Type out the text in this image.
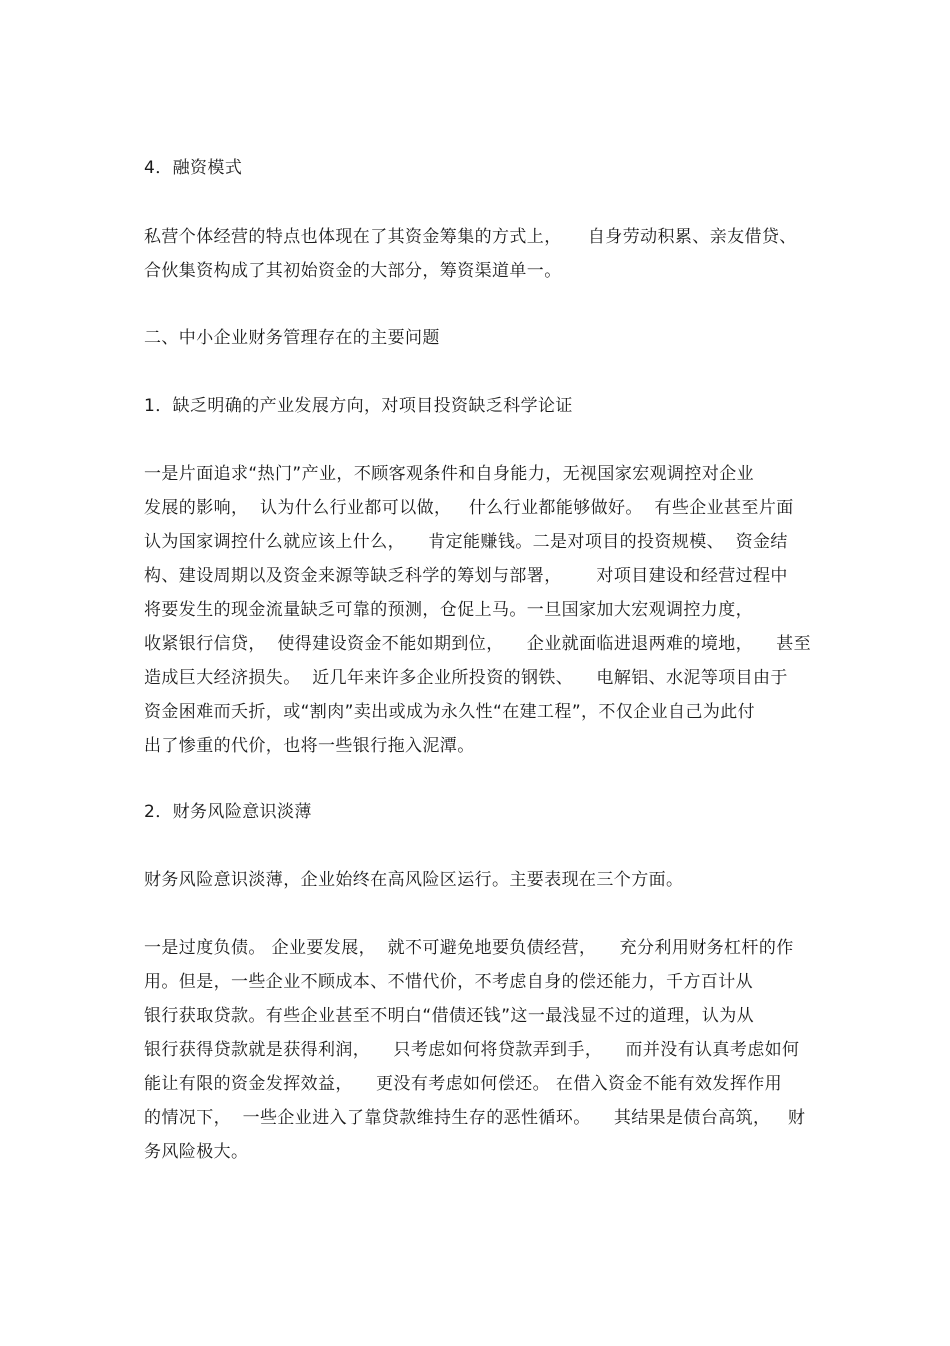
4．融资模式
私营个体经营的特点也体现在了其资金筹集的方式上，　　自身劳动积累、亲友借贷、
合伙集资构成了其初始资金的大部分，筹资渠道单一。
二、中小企业财务管理存在的主要问题
1．缺乏明确的产业发展方向，对项目投资缺乏科学论证
一是片面追求“热门”产业，不顾客观条件和自身能力，无视国家宏观调控对企业
发展的影响，  认为什么行业都可以做，   什么行业都能够做好。  有些企业甚至片面
认为国家调控什么就应该上什么，    肯定能赚钱。二是对项目的投资规模、  资金结
构、建设周期以及资金来源等缺乏科学的筹划与部署，      对项目建设和经营过程中
将要发生的现金流量缺乏可靠的预测，仓促上马。一旦国家加大宏观调控力度，
收紧银行信贷，  使得建设资金不能如期到位，    企业就面临进退两难的境地，    甚至
造成巨大经济损失。  近几年来许多企业所投资的钢铁、    电解铝、水泥等项目由于
资金困难而夭折，或“割肉”卖出或成为永久性“在建工程”，不仅企业自己为此付
出了惨重的代价，也将一些银行拖入泥潭。
2．财务风险意识淡薄
财务风险意识淡薄，企业始终在高风险区运行。主要表现在三个方面。
一是过度负债。 企业要发展，  就不可避免地要负债经营，    充分利用财务杠杆的作
用。但是，一些企业不顾成本、不惜代价，不考虑自身的偿还能力，千方百计从
银行获取贷款。有些企业甚至不明白“借债还钱”这一最浅显不过的道理，认为从
银行获得贷款就是获得利润，    只考虑如何将贷款弄到手，    而并没有认真考虑如何
能让有限的资金发挥效益，    更没有考虑如何偿还。 在借入资金不能有效发挥作用
的情况下，  一些企业进入了靠贷款维持生存的恶性循环。    其结果是债台高筑，   财
务风险极大。
